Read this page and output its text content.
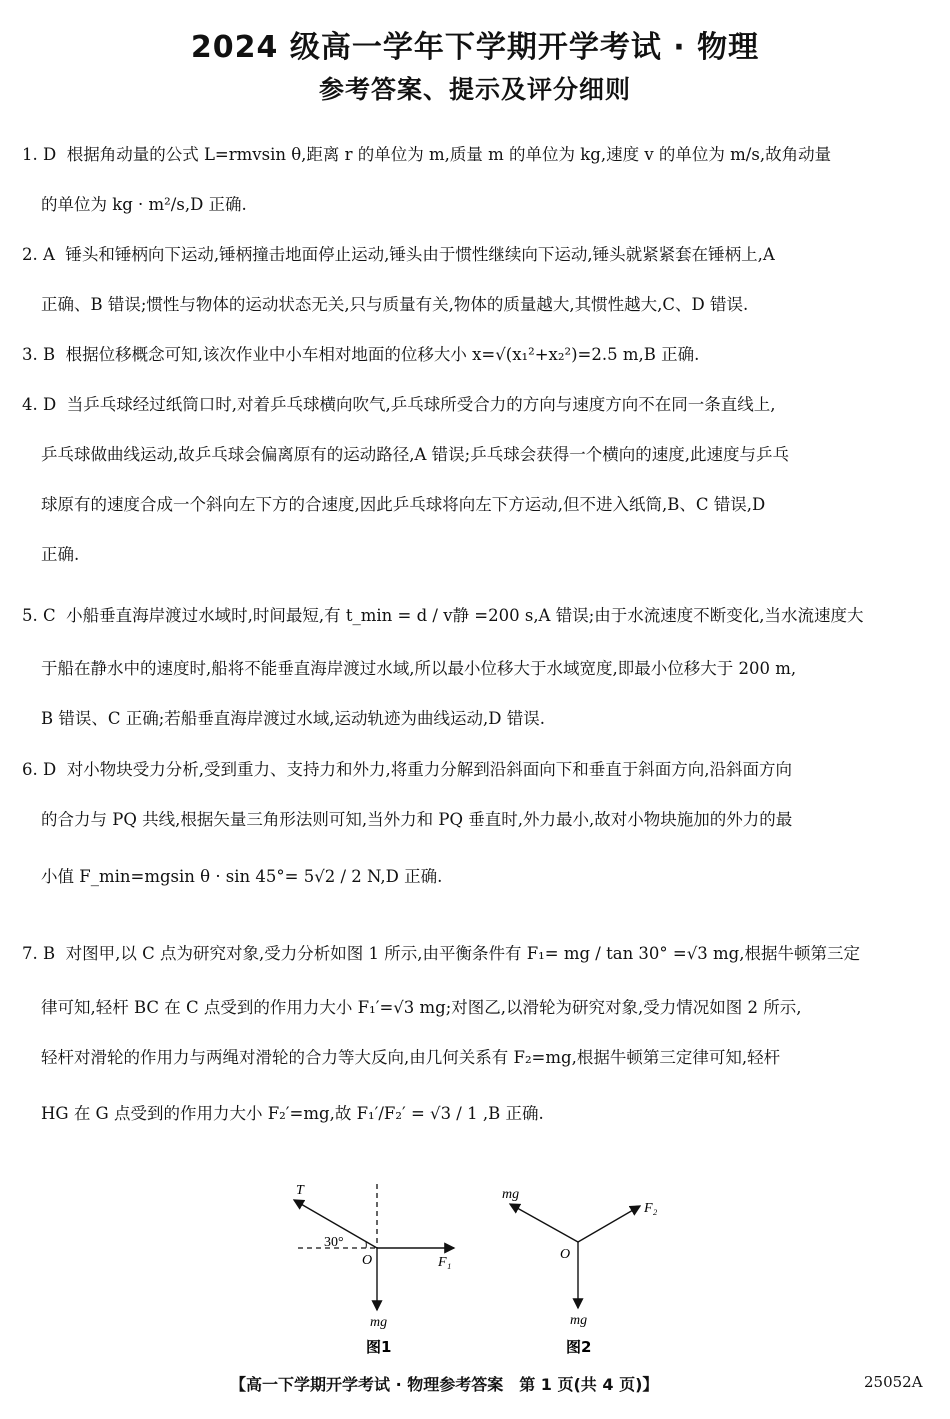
2024 级高一学年下学期开学考试 · 物理
参考答案、提示及评分细则

1. D 根据角动量的公式 L=rmvsin θ,距离 r 的单位为 m,质量 m 的单位为 kg,速度 v 的单位为 m/s,故角动量

的单位为 kg · m²/s,D 正确.

2. A 锤头和锤柄向下运动,锤柄撞击地面停止运动,锤头由于惯性继续向下运动,锤头就紧紧套在锤柄上,A

正确、B 错误;惯性与物体的运动状态无关,只与质量有关,物体的质量越大,其惯性越大,C、D 错误.

3. B 根据位移概念可知,该次作业中小车相对地面的位移大小 x=√(x₁²+x₂²)=2.5 m,B 正确.

4. D 当乒乓球经过纸筒口时,对着乒乓球横向吹气,乒乓球所受合力的方向与速度方向不在同一条直线上,

乒乓球做曲线运动,故乒乓球会偏离原有的运动路径,A 错误;乒乓球会获得一个横向的速度,此速度与乒乓

球原有的速度合成一个斜向左下方的合速度,因此乒乓球将向左下方运动,但不进入纸筒,B、C 错误,D

正确.

5. C 小船垂直海岸渡过水域时,时间最短,有 t_min = d / v静 =200 s,A 错误;由于水流速度不断变化,当水流速度大

于船在静水中的速度时,船将不能垂直海岸渡过水域,所以最小位移大于水域宽度,即最小位移大于 200 m,

B 错误、C 正确;若船垂直海岸渡过水域,运动轨迹为曲线运动,D 错误.

6. D 对小物块受力分析,受到重力、支持力和外力,将重力分解到沿斜面向下和垂直于斜面方向,沿斜面方向

的合力与 PQ 共线,根据矢量三角形法则可知,当外力和 PQ 垂直时,外力最小,故对小物块施加的外力的最

小值 F_min=mgsin θ · sin 45°= 5√2 / 2 N,D 正确.

7. B 对图甲,以 C 点为研究对象,受力分析如图 1 所示,由平衡条件有 F₁= mg / tan 30° =√3 mg,根据牛顿第三定

律可知,轻杆 BC 在 C 点受到的作用力大小 F₁′=√3 mg;对图乙,以滑轮为研究对象,受力情况如图 2 所示,

轻杆对滑轮的作用力与两绳对滑轮的合力等大反向,由几何关系有 F₂=mg,根据牛顿第三定律可知,轻杆

HG 在 G 点受到的作用力大小 F₂′=mg,故 F₁′/F₂′ = √3 / 1 ,B 正确.

T
30°
O	F₁
mg
图1
mg
F₂
O
mg
图2
【高一下学期开学考试 · 物理参考答案　第 1 页(共 4 页)】	25052A
